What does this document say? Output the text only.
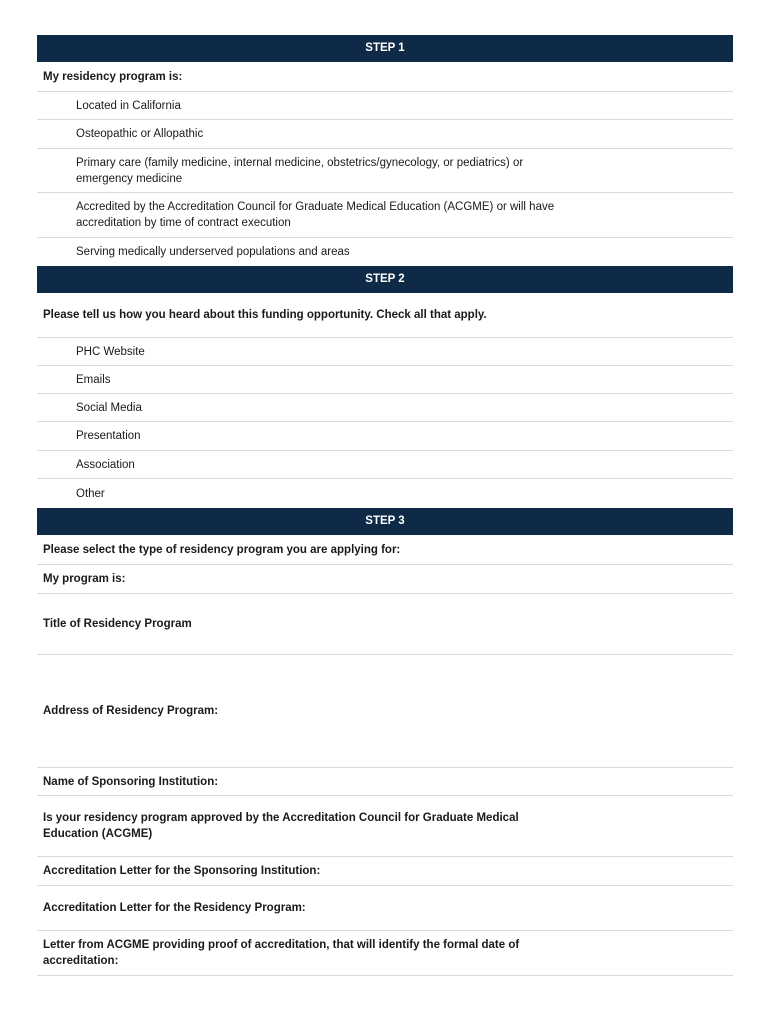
STEP 1
My residency program is:
Located in California
Osteopathic or Allopathic
Primary care (family medicine, internal medicine, obstetrics/gynecology, or pediatrics) or emergency medicine
Accredited by the Accreditation Council for Graduate Medical Education (ACGME) or will have accreditation by time of contract execution
Serving medically underserved populations and areas
STEP 2
Please tell us how you heard about this funding opportunity. Check all that apply.
PHC Website
Emails
Social Media
Presentation
Association
Other
STEP 3
Please select the type of residency program you are applying for:
My program is:
Title of Residency Program
Address of Residency Program:
Name of Sponsoring Institution:
Is your residency program approved by the Accreditation Council for Graduate Medical Education (ACGME)
Accreditation Letter for the Sponsoring Institution:
Accreditation Letter for the Residency Program:
Letter from ACGME providing proof of accreditation, that will identify the formal date of accreditation:
